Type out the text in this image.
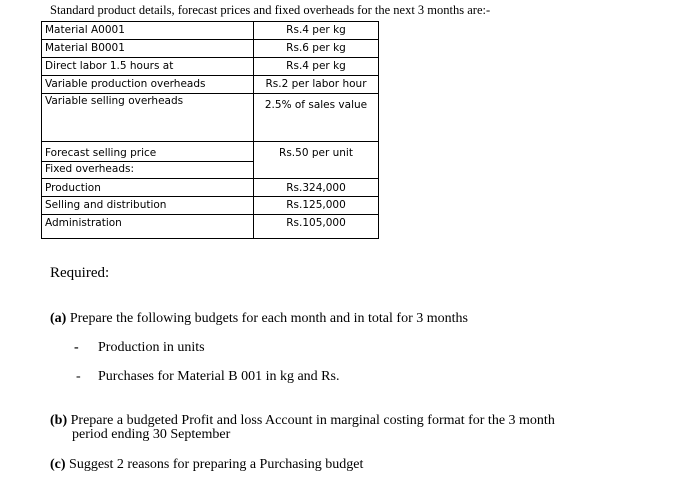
Standard product details, forecast prices and fixed overheads for the next 3 months are:-
Material A0001	Rs.4 per kg
Material B0001	Rs.6 per kg
Direct labor 1.5 hours at	Rs.4 per kg
Variable production overheads	Rs.2 per labor hour
Variable selling overheads	2.5% of sales value
Forecast selling price	Rs.50 per unit
Fixed overheads:
Production	Rs.324,000
Selling and distribution	Rs.125,000
Administration	Rs.105,000
Required:
(a) Prepare the following budgets for each month and in total for 3 months
- Production in units
- Purchases for Material B 001 in kg and Rs.
(b) Prepare a budgeted Profit and loss Account in marginal costing format for the 3 month
period ending 30 September
(c) Suggest 2 reasons for preparing a Purchasing budget
